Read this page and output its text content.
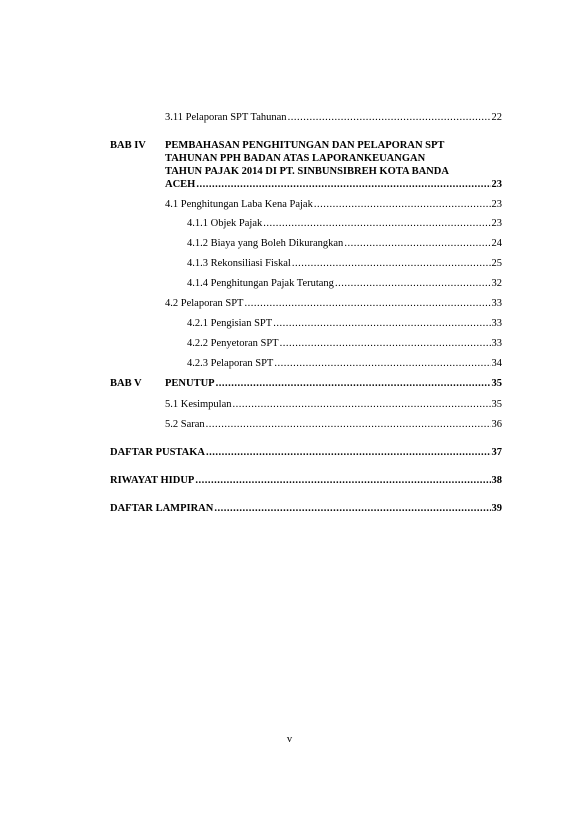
3.11 Pelaporan SPT Tahunan .....	22
BAB IV PEMBAHASAN PENGHITUNGAN DAN PELAPORAN SPT
TAHUNAN PPH BADAN ATAS LAPORANKEUANGAN
TAHUN PAJAK 2014 DI PT. SINBUNSIBREH KOTA BANDA
ACEH .....	23
4.1 Penghitungan Laba Kena Pajak .....	23
4.1.1 Objek Pajak .....	23
4.1.2 Biaya yang Boleh Dikurangkan .....	24
4.1.3 Rekonsiliasi Fiskal .....	25
4.1.4 Penghitungan Pajak Terutang .....	32
4.2 Pelaporan SPT .....	33
4.2.1 Pengisian SPT .....	33
4.2.2 Penyetoran SPT .....	33
4.2.3 Pelaporan SPT .....	34
BAB V PENUTUP .....	35
5.1 Kesimpulan .....	35
5.2 Saran .....	36
DAFTAR PUSTAKA .....	37
RIWAYAT HIDUP .....	38
DAFTAR LAMPIRAN .....	39
v
